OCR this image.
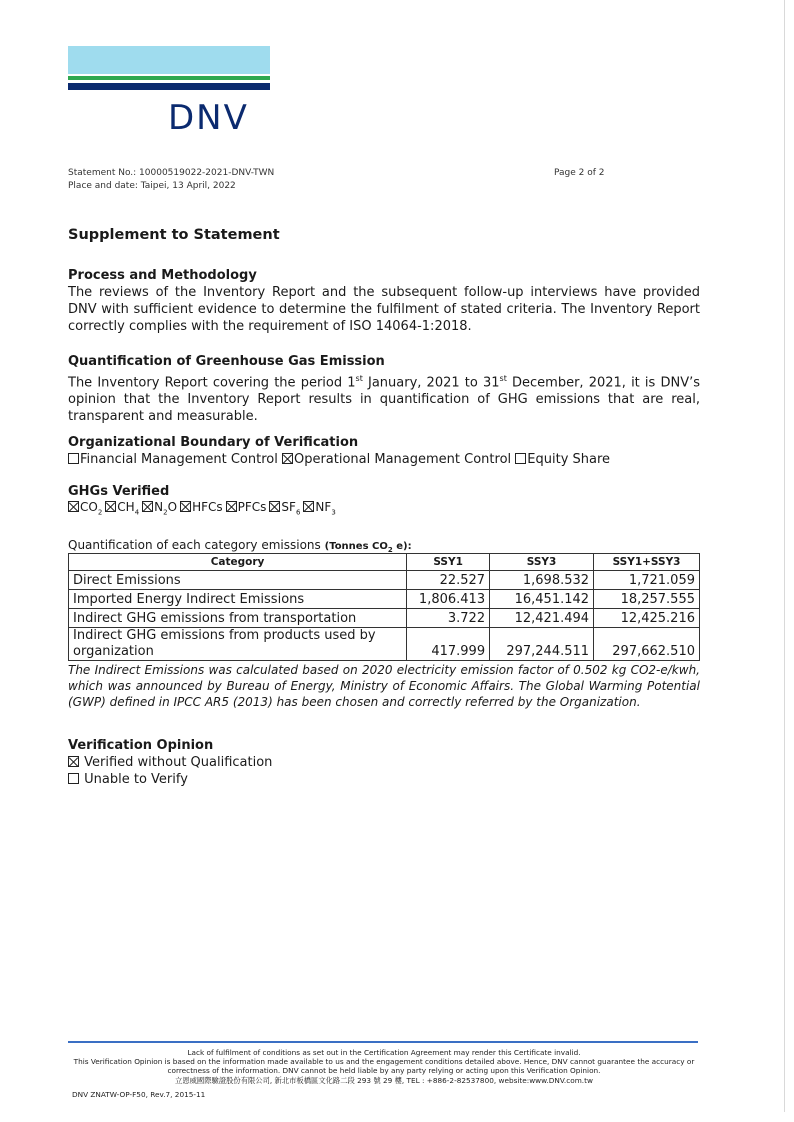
DNV
Statement No.: 10000519022-2021-DNV-TWN
Place and date: Taipei, 13 April, 2022
Page 2 of 2
Supplement to Statement
Process and Methodology

The reviews of the Inventory Report and the subsequent follow-up interviews have provided DNV with sufficient evidence to determine the fulfilment of stated criteria. The Inventory Report correctly complies with the requirement of ISO 14064-1:2018.

Quantification of Greenhouse Gas Emission

The Inventory Report covering the period 1st January, 2021 to 31st December, 2021, it is DNV’s opinion that the Inventory Report results in quantification of GHG emissions that are real, transparent and measurable.

Organizational Boundary of Verification
Financial Management Control Operational Management Control Equity Share
GHGs Verified
$CO_2$ $CH_4$ $N_2O$ HFCs PFCs $SF_6$ $NF_3$
Quantification of each category emissions (Tonnes $CO_2$ e):
Category	SSY1	SSY3	SSY1+SSY3
Direct Emissions	22.527	1,698.532	1,721.059
Imported Energy Indirect Emissions	1,806.413	16,451.142	18,257.555
Indirect GHG emissions from transportation	3.722	12,421.494	12,425.216
Indirect GHG emissions from products used by organization	417.999	297,244.511	297,662.510

The Indirect Emissions was calculated based on 2020 electricity emission factor of 0.502 kg CO2-e/kwh, which was announced by Bureau of Energy, Ministry of Economic Affairs. The Global Warming Potential (GWP) defined in IPCC AR5 (2013) has been chosen and correctly referred by the Organization.

Verification Opinion
Verified without Qualification
Unable to Verify
Lack of fulfilment of conditions as set out in the Certification Agreement may render this Certificate invalid.
This Verification Opinion is based on the information made available to us and the engagement conditions detailed above. Hence, DNV cannot guarantee the accuracy or correctness of the information. DNV cannot be held liable by any party relying or acting upon this Verification Opinion.
立恩威國際驗證股份有限公司, 新北市板橋區文化路二段 293 號 29 樓, TEL : +886-2-82537800, website:www.DNV.com.tw
DNV ZNATW-OP-F50, Rev.7, 2015-11
